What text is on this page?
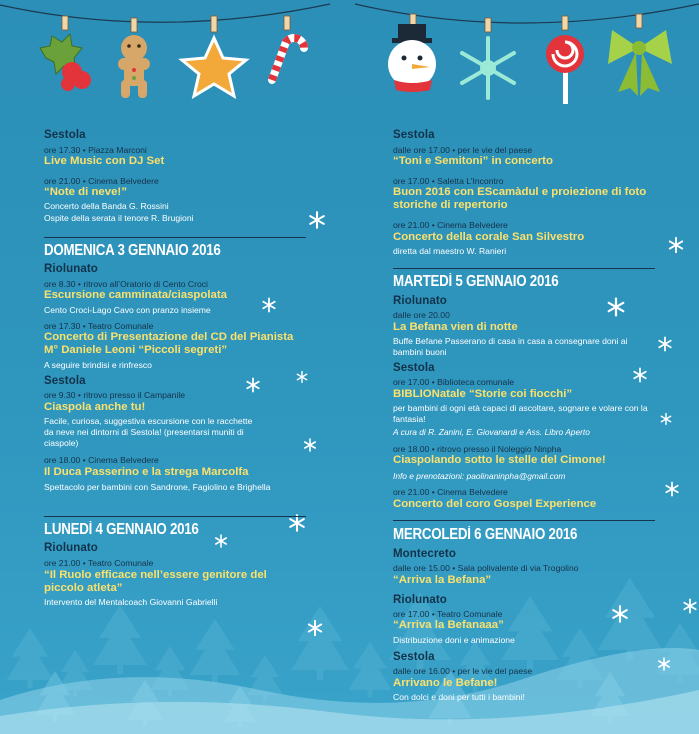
Sestola
ore 17.30 • Piazza Marconi
Live Music con DJ Set
ore 21.00 • Cinema Belvedere
“Note di neve!”
Concerto della Banda G. Rossini
Ospite della serata il tenore R. Brugioni
DOMENICA 3 GENNAIO 2016
Riolunato
ore 8.30 • ritrovo all’Oratorio di Cento Croci
Escursione camminata/ciaspolata
Cento Croci-Lago Cavo con pranzo insieme
ore 17.30 • Teatro Comunale
Concerto di Presentazione del CD del Pianista M° Daniele Leoni “Piccoli segreti”
A seguire brindisi e rinfresco
Sestola
ore 9.30 • ritrovo presso il Campanile
Ciaspola anche tu!
Facile, curiosa, suggestiva escursione con le racchette da neve nei dintorni di Sestola! (presentarsi muniti di ciaspole)
ore 18.00 • Cinema Belvedere
Il Duca Passerino e la strega Marcolfa
Spettacolo per bambini con Sandrone, Fagiolino e Brighella
LUNEDÌ 4 GENNAIO 2016
Riolunato
ore 21.00 • Teatro Comunale
“Il Ruolo efficace nell’essere genitore del piccolo atleta”
Intervento del Mentalcoach Giovanni Gabrielli
Sestola
dalle ore 17.00 • per le vie del paese
“Toni e Semitoni” in concerto
ore 17.00 • Saletta L’Incontro
Buon 2016 con EScamàdul e proiezione di foto storiche di repertorio
ore 21.00 • Cinema Belvedere
Concerto della corale San Silvestro
diretta dal maestro W. Ranieri
MARTEDÌ 5 GENNAIO 2016
Riolunato
dalle ore 20.00
La Befana vien di notte
Buffe Befane Passerano di casa in casa a consegnare doni ai bambini buoni
Sestola
ore 17.00 • Biblioteca comunale
BIBLIONatale “Storie coi fiocchi”
per bambini di ogni età capaci di ascoltare, sognare e volare con la fantasia!
A cura di R. Zanini, E. Giovanardi e Ass. Libro Aperto
ore 18.00 • ritrovo presso il Noleggio Ninpha
Ciaspolando sotto le stelle del Cimone!
Info e prenotazioni: paolinaninpha@gmail.com
ore 21.00 • Cinema Belvedere
Concerto del coro Gospel Experience
MERCOLEDÌ 6 GENNAIO 2016
Montecreto
dalle ore 15.00 • Sala polivalente di via Trogolino
“Arriva la Befana”
Riolunato
ore 17.00 • Teatro Comunale
“Arriva la Befanaaa”
Distribuzione doni e animazione
Sestola
dalle ore 16.00 • per le vie del paese
Arrivano le Befane!
Con dolci e doni per tutti i bambini!
